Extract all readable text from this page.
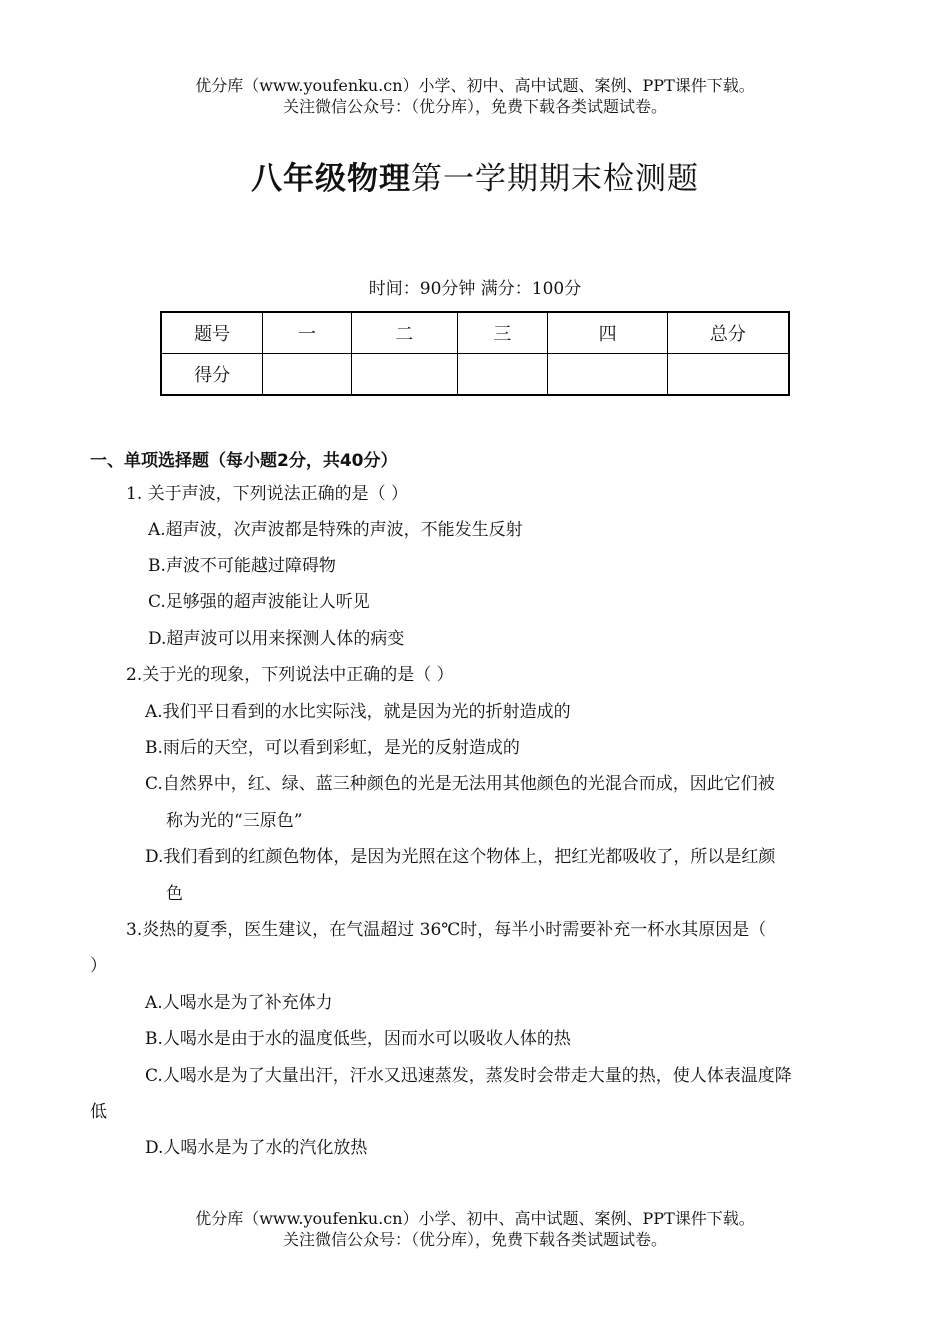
优分库（www.youfenku.cn）小学、初中、高中试题、案例、PPT课件下载。
关注微信公众号：（优分库），免费下载各类试题试卷。
八年级物理第一学期期末检测题
时间：90分钟 满分：100分
题号	一	二	三	四	总分
得分					
一、单项选择题（每小题2分，共40分）
1. 关于声波，下列说法正确的是（ ）
A.超声波，次声波都是特殊的声波，不能发生反射
B.声波不可能越过障碍物
C.足够强的超声波能让人听见
D.超声波可以用来探测人体的病变
2.关于光的现象，下列说法中正确的是（ ）
A.我们平日看到的水比实际浅，就是因为光的折射造成的
B.雨后的天空，可以看到彩虹，是光的反射造成的
C.自然界中，红、绿、蓝三种颜色的光是无法用其他颜色的光混合而成，因此它们被
称为光的“三原色”
D.我们看到的红颜色物体，是因为光照在这个物体上，把红光都吸收了，所以是红颜
色
3.炎热的夏季，医生建议，在气温超过 36℃时，每半小时需要补充一杯水其原因是（
）
A.人喝水是为了补充体力
B.人喝水是由于水的温度低些，因而水可以吸收人体的热
C.人喝水是为了大量出汗，汗水又迅速蒸发，蒸发时会带走大量的热，使人体表温度降
低
D.人喝水是为了水的汽化放热
优分库（www.youfenku.cn）小学、初中、高中试题、案例、PPT课件下载。
关注微信公众号：（优分库），免费下载各类试题试卷。
